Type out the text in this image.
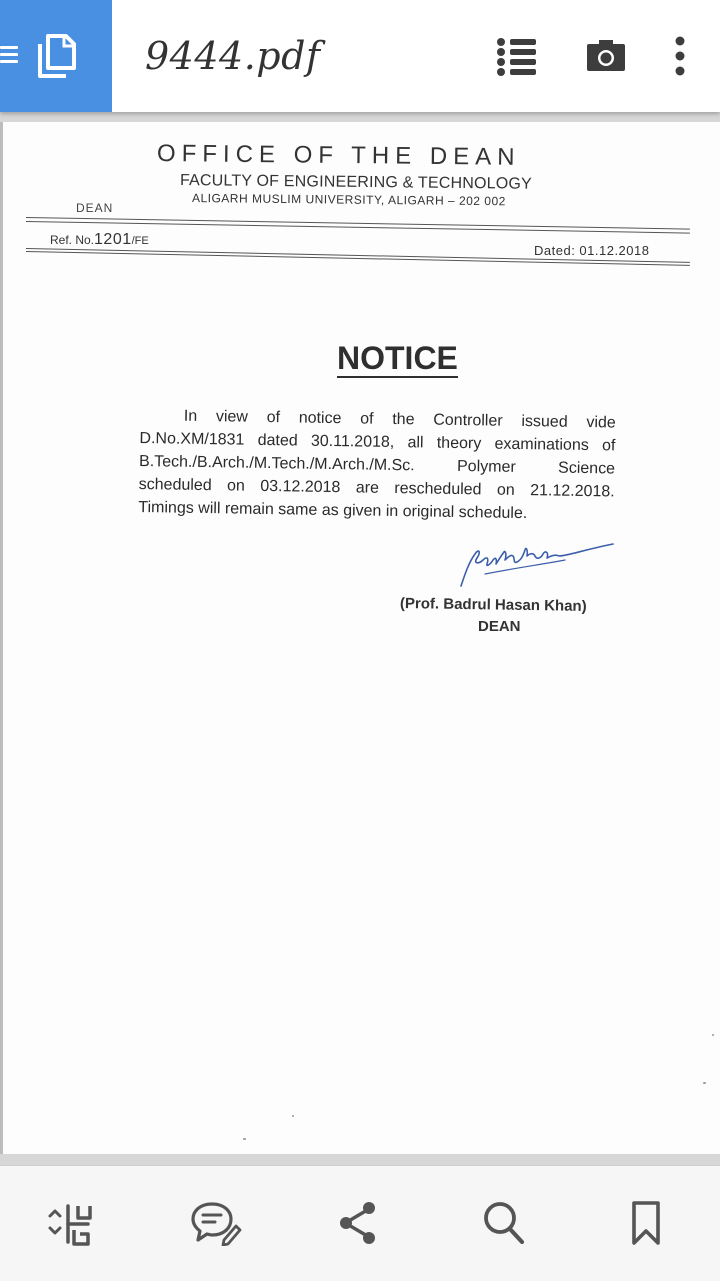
9444.pdf
OFFICE OF THE DEAN
FACULTY OF ENGINEERING & TECHNOLOGY
ALIGARH MUSLIM UNIVERSITY, ALIGARH – 202 002
DEAN
Ref. No.1201/FE
Dated: 01.12.2018
NOTICE
In view of notice of the Controller issued vide
D.No.XM/1831 dated 30.11.2018, all theory examinations of
B.Tech./B.Arch./M.Tech./M.Arch./M.Sc. Polymer Science
scheduled on 03.12.2018 are rescheduled on 21.12.2018.
Timings will remain same as given in original schedule.
(Prof. Badrul Hasan Khan)
DEAN
